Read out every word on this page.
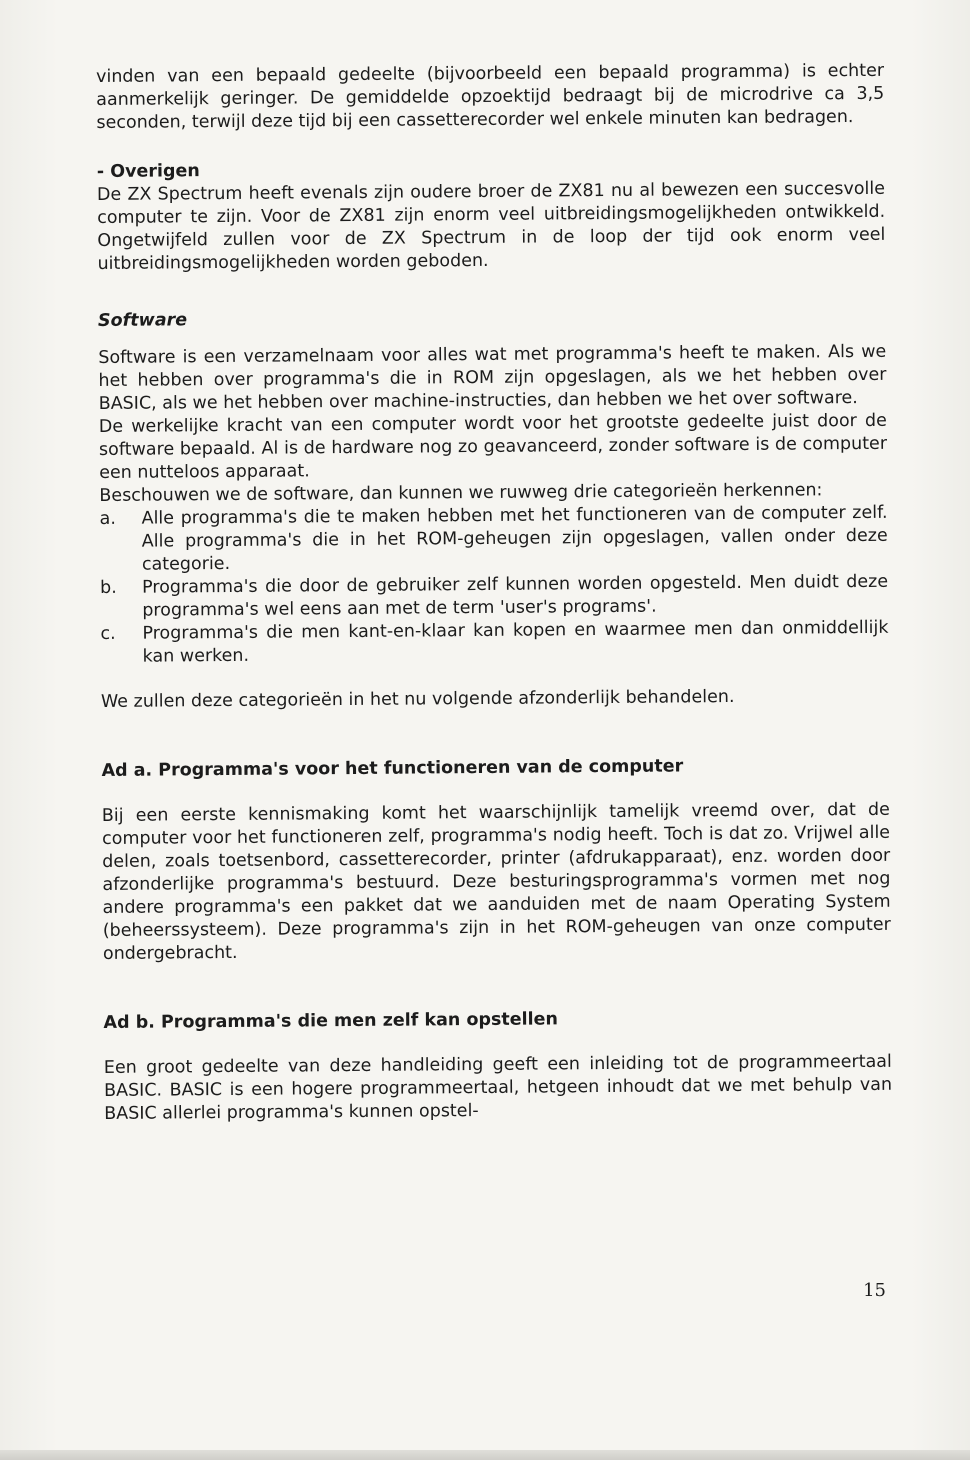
vinden van een bepaald gedeelte (bijvoorbeeld een bepaald programma) is echter aanmerkelijk geringer. De gemiddelde opzoektijd bedraagt bij de microdrive ca 3,5 seconden, terwijl deze tijd bij een cassetterecorder wel enkele minuten kan bedragen.

- Overigen

De ZX Spectrum heeft evenals zijn oudere broer de ZX81 nu al bewezen een succesvolle computer te zijn. Voor de ZX81 zijn enorm veel uitbreidingsmogelijkheden ontwikkeld. Ongetwijfeld zullen voor de ZX Spectrum in de loop der tijd ook enorm veel uitbreidingsmogelijkheden worden geboden.

Software

Software is een verzamelnaam voor alles wat met programma's heeft te maken. Als we het hebben over programma's die in ROM zijn opgeslagen, als we het hebben over BASIC, als we het hebben over machine-instructies, dan hebben we het over software.

De werkelijke kracht van een computer wordt voor het grootste gedeelte juist door de software bepaald. Al is de hardware nog zo geavanceerd, zonder software is de computer een nutteloos apparaat.

Beschouwen we de software, dan kunnen we ruwweg drie categorieën herkennen:

a.	Alle programma's die te maken hebben met het functioneren van de computer zelf. Alle programma's die in het ROM-geheugen zijn opgeslagen, vallen onder deze categorie.
b.	Programma's die door de gebruiker zelf kunnen worden opgesteld. Men duidt deze programma's wel eens aan met de term 'user's programs'.
c.	Programma's die men kant-en-klaar kan kopen en waarmee men dan onmiddellijk kan werken.

We zullen deze categorieën in het nu volgende afzonderlijk behandelen.

Ad a. Programma's voor het functioneren van de computer

Bij een eerste kennismaking komt het waarschijnlijk tamelijk vreemd over, dat de computer voor het functioneren zelf, programma's nodig heeft. Toch is dat zo. Vrijwel alle delen, zoals toetsenbord, cassetterecorder, printer (afdrukapparaat), enz. worden door afzonderlijke programma's bestuurd. Deze besturingsprogramma's vormen met nog andere programma's een pakket dat we aanduiden met de naam Operating System (beheerssysteem). Deze programma's zijn in het ROM-geheugen van onze computer ondergebracht.

Ad b. Programma's die men zelf kan opstellen

Een groot gedeelte van deze handleiding geeft een inleiding tot de programmeertaal BASIC. BASIC is een hogere programmeertaal, hetgeen inhoudt dat we met behulp van BASIC allerlei programma's kunnen opstel-

15
